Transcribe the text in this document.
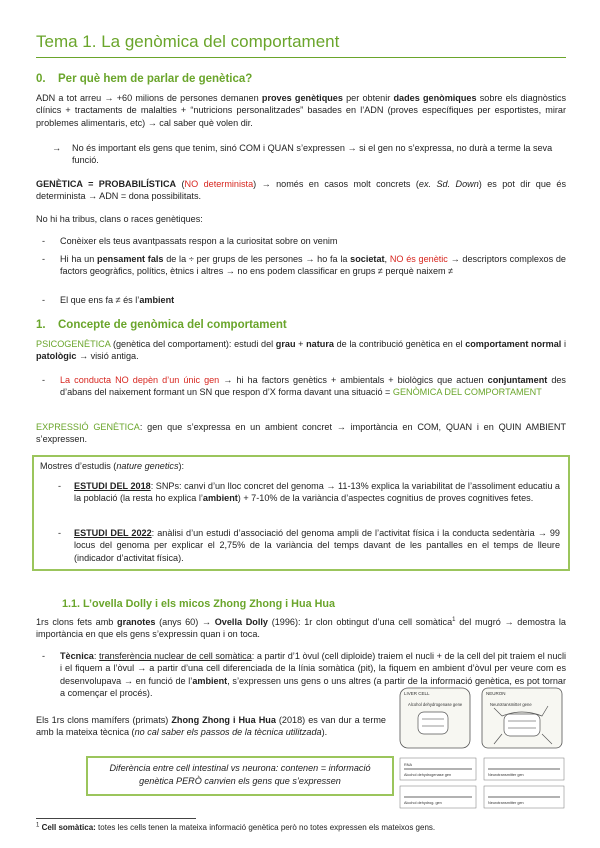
Tema 1. La genòmica del comportament
0. Per què hem de parlar de genètica?
ADN a tot arreu → +60 milions de persones demanen proves genètiques per obtenir dades genòmiques sobre els diagnòstics clínics + tractaments de malalties + “nutricions personalitzades” basades en l’ADN (proves específiques per esportistes, mirar problemes alimentaris, etc) → cal saber què volen dir.
→ No és important els gens que tenim, sinó COM i QUAN s’expressen → si el gen no s’expressa, no durà a terme la seva funció.
GENÈTICA = PROBABILÍSTICA (NO determinista) → només en casos molt concrets (ex. Sd. Down) es pot dir que és determinista → ADN = dona possibilitats.
No hi ha tribus, clans o races genètiques:
- Conèixer els teus avantpassats respon a la curiositat sobre on venim
- Hi ha un pensament fals de la ÷ per grups de les persones → ho fa la societat, NO és genètic → descriptors complexos de factors geogràfics, polítics, ètnics i altres → no ens podem classificar en grups ≠ perquè naixem ≠
- El que ens fa ≠ és l’ambient
1. Concepte de genòmica del comportament
PSICOGENÈTICA (genètica del comportament): estudi del grau + natura de la contribució genètica en el comportament normal i patològic → visió antiga.
- La conducta NO depèn d’un únic gen → hi ha factors genètics + ambientals + biològics que actuen conjuntament des d’abans del naixement formant un SN que respon d’X forma davant una situació = GENÒMICA DEL COMPORTAMENT
EXPRESSIÓ GENÈTICA: gen que s’expressa en un ambient concret → importància en COM, QUAN i en QUIN AMBIENT s’expressen.
Mostres d’estudis (nature genetics):
- ESTUDI DEL 2018: SNPs: canvi d’un lloc concret del genoma → 11-13% explica la variabilitat de l’assoliment educatiu a la població (la resta ho explica l’ambient) + 7-10% de la variància d’aspectes cognitius de proves cognitives fetes.
- ESTUDI DEL 2022: anàlisi d’un estudi d’associació del genoma ampli de l’activitat física i la conducta sedentària → 99 locus del genoma per explicar el 2,75% de la variància del temps davant de les pantalles en el temps de lleure (indicador d’activitat física).
1.1. L’ovella Dolly i els micos Zhong Zhong i Hua Hua
1rs clons fets amb granotes (anys 60) → Ovella Dolly (1996): 1r clon obtingut d’una cell somàtica$^1$ del mugró → demostra la importància en que els gens s’expressin quan i on toca.
- Tècnica: transferència nuclear de cell somàtica: a partir d’1 òvul (cell diploide) traiem el nucli + de la cell del pit traiem el nucli i el fiquem a l’òvul → a partir d’una cell diferenciada de la línia somàtica (pit), la fiquem en ambient d’òvul per veure com es desenvolupava → en funció de l’ambient, s’expressen uns gens o uns altres (a partir de la informació genètica, es pot tornar a començar el procés).
Els 1rs clons mamífers (primats) Zhong Zhong i Hua Hua (2018) es van dur a terme amb la mateixa tècnica (no cal saber els passos de la tècnica utilitzada).
Diferència entre cell intestinal vs neurona: contenen = informació genètica PERÒ canvien els gens que s’expressen
LIVER CELL
Alcohol dehydrogenase gene
NEURON
Neurotransmitter gene
RNA
Alcohol dehydrogenase gen	Neurotransmitter gen
Alcohol dehydrog. gen	Neurotransmitter gen
$^1$ Cell somàtica: totes les cells tenen la mateixa informació genètica però no totes expressen els mateixos gens.
